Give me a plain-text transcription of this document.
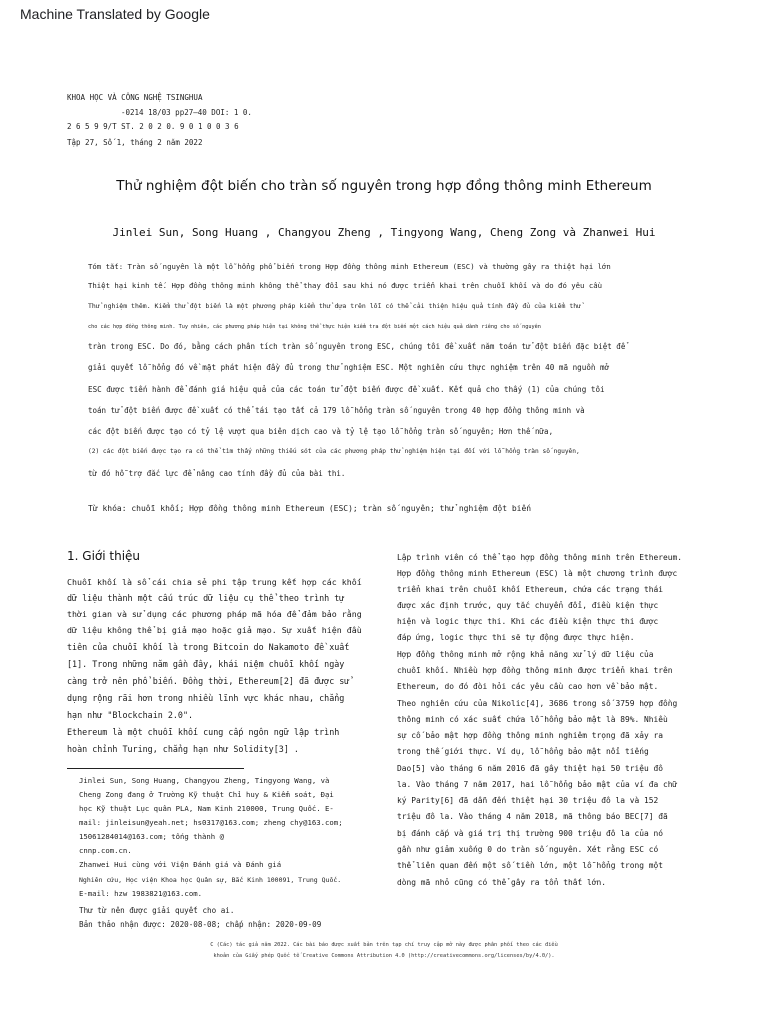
Machine Translated by Google
KHOA HỌC VÀ CÔNG NGHỆ TSINGHUA
-0214 18/03 pp27–40 DOI: 1 0.
2 6 5 9 9/T ST. 2 0 2 0. 9 0 1 0 0 3 6
Tập 27, Số 1, tháng 2 năm 2022
Thử nghiệm đột biến cho tràn số nguyên trong hợp đồng thông minh Ethereum
Jinlei Sun, Song Huang , Changyou Zheng , Tingyong Wang, Cheng Zong và Zhanwei Hui
Tóm tắt: Tràn số nguyên là một lỗ hổng phổ biến trong Hợp đồng thông minh Ethereum (ESC) và thường gây ra thiệt hại lớn
Thiệt hại kinh tế. Hợp đồng thông minh không thể thay đổi sau khi nó được triển khai trên chuỗi khối và do đó yêu cầu
Thử nghiệm thêm. Kiểm thử đột biến là một phương pháp kiểm thử dựa trên lỗi có thể cải thiện hiệu quả tính đầy đủ của kiểm thử
cho các hợp đồng thông minh. Tuy nhiên, các phương pháp hiện tại không thể thực hiện kiểm tra đột biến một cách hiệu quả dành riêng cho số nguyên
tràn trong ESC. Do đó, bằng cách phân tích tràn số nguyên trong ESC, chúng tôi đề xuất năm toán tử đột biến đặc biệt để
giải quyết lỗ hổng đó về mặt phát hiện đầy đủ trong thử nghiệm ESC. Một nghiên cứu thực nghiệm trên 40 mã nguồn mở
ESC được tiến hành để đánh giá hiệu quả của các toán tử đột biến được đề xuất. Kết quả cho thấy (1) của chúng tôi
toán tử đột biến được đề xuất có thể tái tạo tất cả 179 lỗ hổng tràn số nguyên trong 40 hợp đồng thông minh và
các đột biến được tạo có tỷ lệ vượt qua biên dịch cao và tỷ lệ tạo lỗ hổng tràn số nguyên; Hơn thế nữa,
(2) các đột biến được tạo ra có thể tìm thấy những thiếu sót của các phương pháp thử nghiệm hiện tại đối với lỗ hổng tràn số nguyên,
từ đó hỗ trợ đắc lực để nâng cao tính đầy đủ của bài thi.
Từ khóa: chuỗi khối; Hợp đồng thông minh Ethereum (ESC); tràn số nguyên; thử nghiệm đột biến
1. Giới thiệu
Chuỗi khối là sổ cái chia sẻ phi tập trung kết hợp các khối
dữ liệu thành một cấu trúc dữ liệu cụ thể theo trình tự
thời gian và sử dụng các phương pháp mã hóa để đảm bảo rằng
dữ liệu không thể bị giả mạo hoặc giả mạo. Sự xuất hiện đầu
tiên của chuỗi khối là trong Bitcoin do Nakamoto đề xuất
[1]. Trong những năm gần đây, khái niệm chuỗi khối ngày
càng trở nên phổ biến. Đồng thời, Ethereum[2] đã được sử
dụng rộng rãi hơn trong nhiều lĩnh vực khác nhau, chẳng
hạn như "Blockchain 2.0".
Ethereum là một chuỗi khối cung cấp ngôn ngữ lập trình
hoàn chỉnh Turing, chẳng hạn như Solidity[3] .
Jinlei Sun, Song Huang, Changyou Zheng, Tingyong Wang, và
Cheng Zong đang ở Trường Kỹ thuật Chỉ huy & Kiểm soát, Đại
học Kỹ thuật Lục quân PLA, Nam Kinh 210000, Trung Quốc. E-
mail: jinleisun@yeah.net; hs0317@163.com; zheng chy@163.com;
15061284014@163.com; tống thành @
cnnp.com.cn.
Zhanwei Hui cùng với Viện Đánh giá và Đánh giá
Nghiên cứu, Học viện Khoa học Quân sự, Bắc Kinh 100091, Trung Quốc.
E-mail: hzw 1983821@163.com.
Thư từ nên được giải quyết cho ai.
Bản thảo nhận được: 2020-08-08; chấp nhận: 2020-09-09
Lập trình viên có thể tạo hợp đồng thông minh trên Ethereum.
Hợp đồng thông minh Ethereum (ESC) là một chương trình được
triển khai trên chuỗi khối Ethereum, chứa các trạng thái
được xác định trước, quy tắc chuyển đổi, điều kiện thực
hiện và logic thực thi. Khi các điều kiện thực thi được
đáp ứng, logic thực thi sẽ tự động được thực hiện.
Hợp đồng thông minh mở rộng khả năng xử lý dữ liệu của
chuỗi khối. Nhiều hợp đồng thông minh được triển khai trên
Ethereum, do đó đòi hỏi các yêu cầu cao hơn về bảo mật.
Theo nghiên cứu của Nikolic[4], 3686 trong số 3759 hợp đồng
thông minh có xác suất chứa lỗ hổng bảo mật là 89%. Nhiều
sự cố bảo mật hợp đồng thông minh nghiêm trọng đã xảy ra
trong thế giới thực. Ví dụ, lỗ hổng bảo mật nổi tiếng
Dao[5] vào tháng 6 năm 2016 đã gây thiệt hại 50 triệu đô
la. Vào tháng 7 năm 2017, hai lỗ hổng bảo mật của ví đa chữ
ký Parity[6] đã dẫn đến thiệt hại 30 triệu đô la và 152
triệu đô la. Vào tháng 4 năm 2018, mã thông báo BEC[7] đã
bị đánh cắp và giá trị thị trường 900 triệu đô la của nó
gần như giảm xuống 0 do tràn số nguyên. Xét rằng ESC có
thể liên quan đến một số tiền lớn, một lỗ hổng trong một
dòng mã nhỏ cũng có thể gây ra tổn thất lớn.
C (Các) tác giả năm 2022. Các bài báo được xuất bản trên tạp chí truy cập mở này được phân phối theo các điều
khoản của Giấy phép Quốc tế Creative Commons Attribution 4.0 (http://creativecommons.org/licenses/by/4.0/).
